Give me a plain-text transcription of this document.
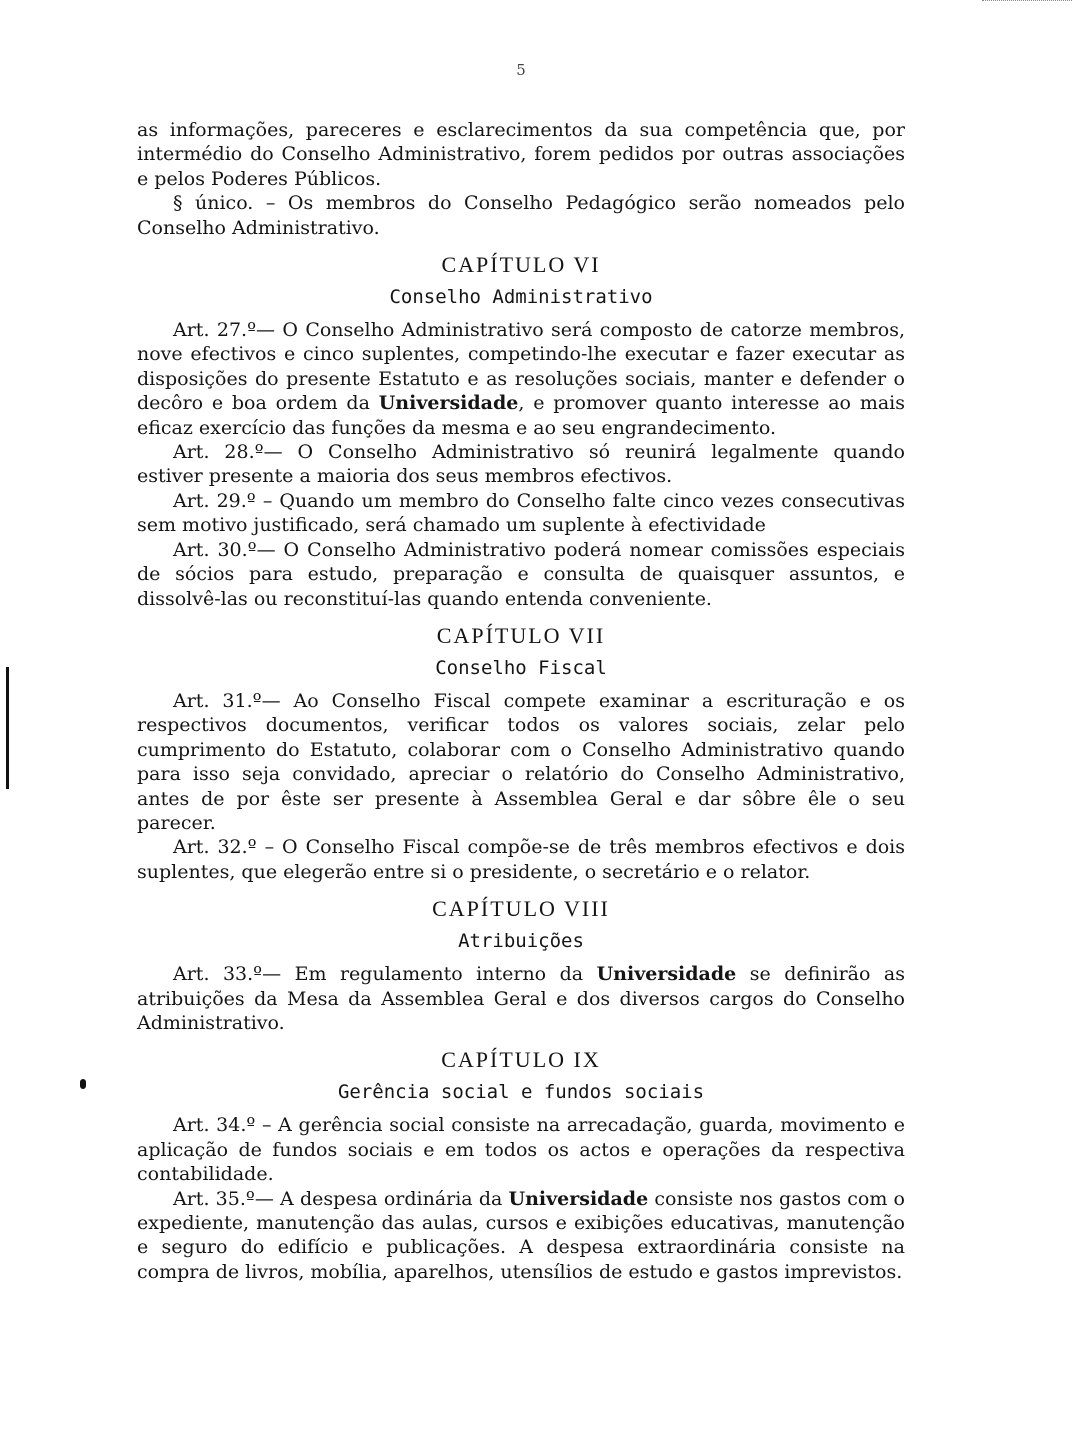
5

as informações, pareceres e esclarecimentos da sua competência que, por intermédio do Conselho Administrativo, forem pedidos por outras associações e pelos Poderes Públicos.

§ único. – Os membros do Conselho Pedagógico serão nomeados pelo Conselho Administrativo.

CAPÍTULO VI
Conselho Administrativo

Art. 27.º— O Conselho Administrativo será composto de catorze membros, nove efectivos e cinco suplentes, competindo-lhe executar e fazer executar as disposições do presente Estatuto e as resoluções sociais, manter e defender o decôro e boa ordem da Universidade, e promover quanto interesse ao mais eficaz exercício das funções da mesma e ao seu engrandecimento.

Art. 28.º— O Conselho Administrativo só reunirá legalmente quando estiver presente a maioria dos seus membros efectivos.

Art. 29.º – Quando um membro do Conselho falte cinco vezes consecutivas sem motivo justificado, será chamado um suplente à efectividade

Art. 30.º— O Conselho Administrativo poderá nomear comissões especiais de sócios para estudo, preparação e consulta de quaisquer assuntos, e dissolvê-las ou reconstituí-las quando entenda conveniente.

CAPÍTULO VII
Conselho Fiscal

Art. 31.º— Ao Conselho Fiscal compete examinar a escrituração e os respectivos documentos, verificar todos os valores sociais, zelar pelo cumprimento do Estatuto, colaborar com o Conselho Administrativo quando para isso seja convidado, apreciar o relatório do Conselho Administrativo, antes de por êste ser presente à Assemblea Geral e dar sôbre êle o seu parecer.

Art. 32.º – O Conselho Fiscal compõe-se de três membros efectivos e dois suplentes, que elegerão entre si o presidente, o secretário e o relator.

CAPÍTULO VIII
Atribuições

Art. 33.º— Em regulamento interno da Universidade se definirão as atribuições da Mesa da Assemblea Geral e dos diversos cargos do Conselho Administrativo.

CAPÍTULO IX
Gerência social e fundos sociais

Art. 34.º – A gerência social consiste na arrecadação, guarda, movimento e aplicação de fundos sociais e em todos os actos e operações da respectiva contabilidade.

Art. 35.º— A despesa ordinária da Universidade consiste nos gastos com o expediente, manutenção das aulas, cursos e exibições educativas, manutenção e seguro do edifício e publicações. A despesa extraordinária consiste na compra de livros, mobília, aparelhos, utensílios de estudo e gastos imprevistos.
